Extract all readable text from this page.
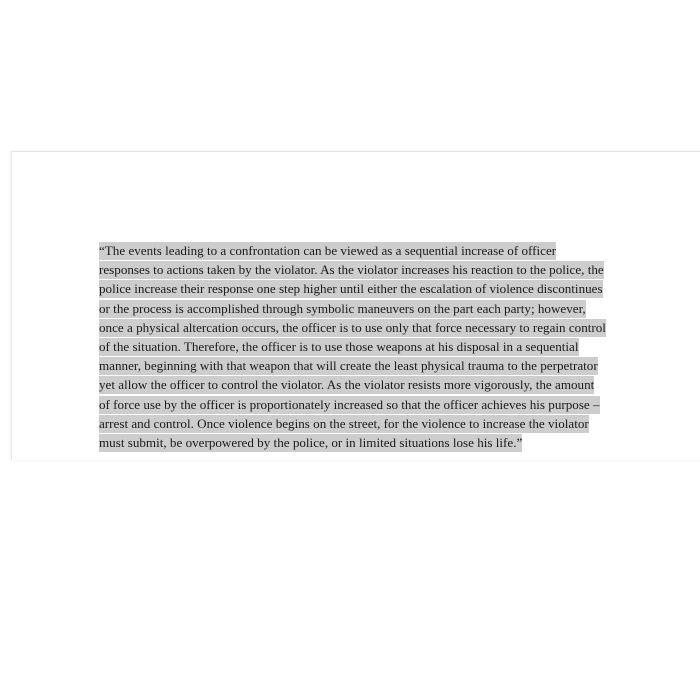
“The events leading to a confrontation can be viewed as a sequential increase of officer
responses to actions taken by the violator. As the violator increases his reaction to the police, the
police increase their response one step higher until either the escalation of violence discontinues
or the process is accomplished through symbolic maneuvers on the part each party; however,
once a physical altercation occurs, the officer is to use only that force necessary to regain control
of the situation. Therefore, the officer is to use those weapons at his disposal in a sequential
manner, beginning with that weapon that will create the least physical trauma to the perpetrator
yet allow the officer to control the violator. As the violator resists more vigorously, the amount
of force use by the officer is proportionately increased so that the officer achieves his purpose –
arrest and control. Once violence begins on the street, for the violence to increase the violator
must submit, be overpowered by the police, or in limited situations lose his life.”
